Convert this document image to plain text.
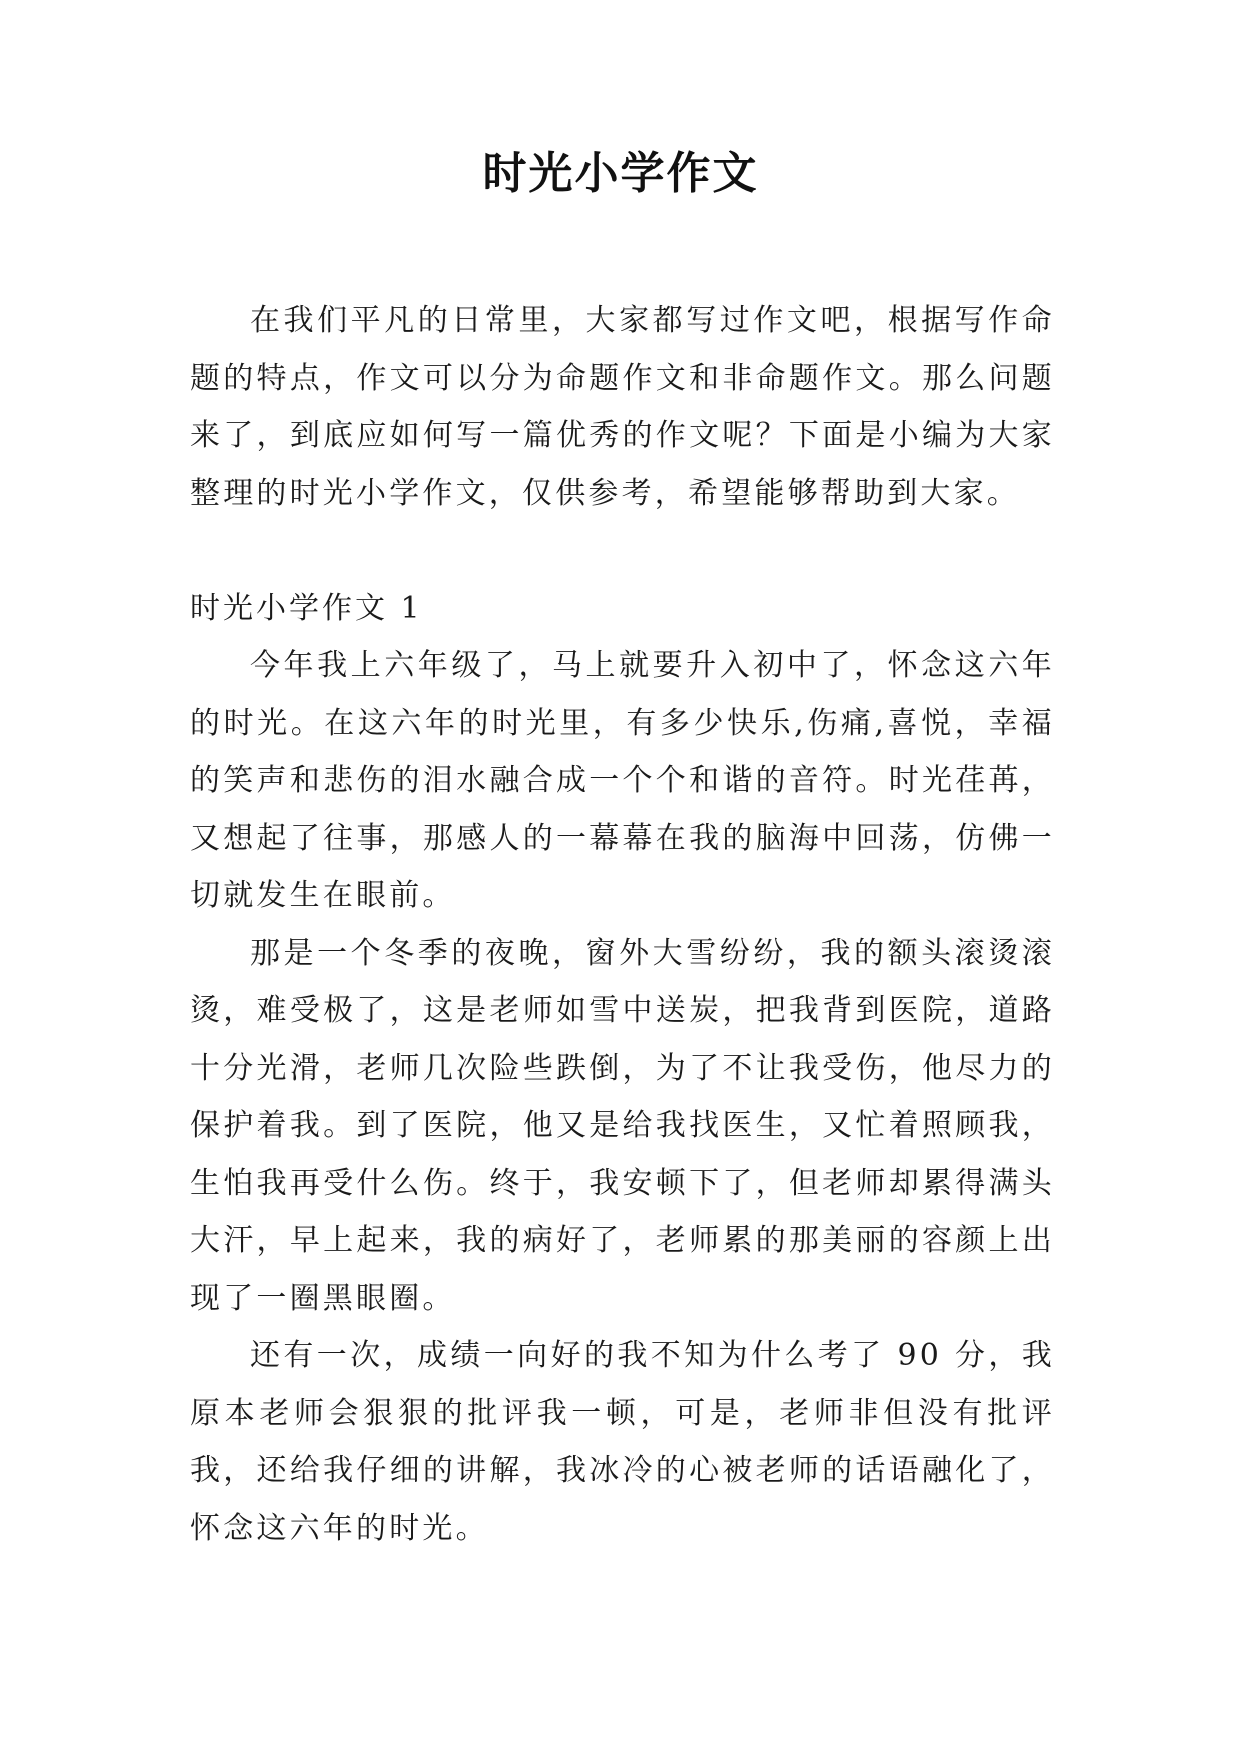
时光小学作文

在我们平凡的日常里，大家都写过作文吧，根据写作命题的特点，作文可以分为命题作文和非命题作文。那么问题来了，到底应如何写一篇优秀的作文呢？下面是小编为大家整理的时光小学作文，仅供参考，希望能够帮助到大家。

时光小学作文 1

今年我上六年级了，马上就要升入初中了，怀念这六年的时光。在这六年的时光里，有多少快乐,伤痛,喜悦，幸福的笑声和悲伤的泪水融合成一个个和谐的音符。时光荏苒，又想起了往事，那感人的一幕幕在我的脑海中回荡，仿佛一切就发生在眼前。

那是一个冬季的夜晚，窗外大雪纷纷，我的额头滚烫滚烫，难受极了，这是老师如雪中送炭，把我背到医院，道路十分光滑，老师几次险些跌倒，为了不让我受伤，他尽力的保护着我。到了医院，他又是给我找医生，又忙着照顾我，生怕我再受什么伤。终于，我安顿下了，但老师却累得满头大汗，早上起来，我的病好了，老师累的那美丽的容颜上出现了一圈黑眼圈。

还有一次，成绩一向好的我不知为什么考了 90 分，我原本老师会狠狠的批评我一顿，可是，老师非但没有批评我，还给我仔细的讲解，我冰冷的心被老师的话语融化了，怀念这六年的时光。
